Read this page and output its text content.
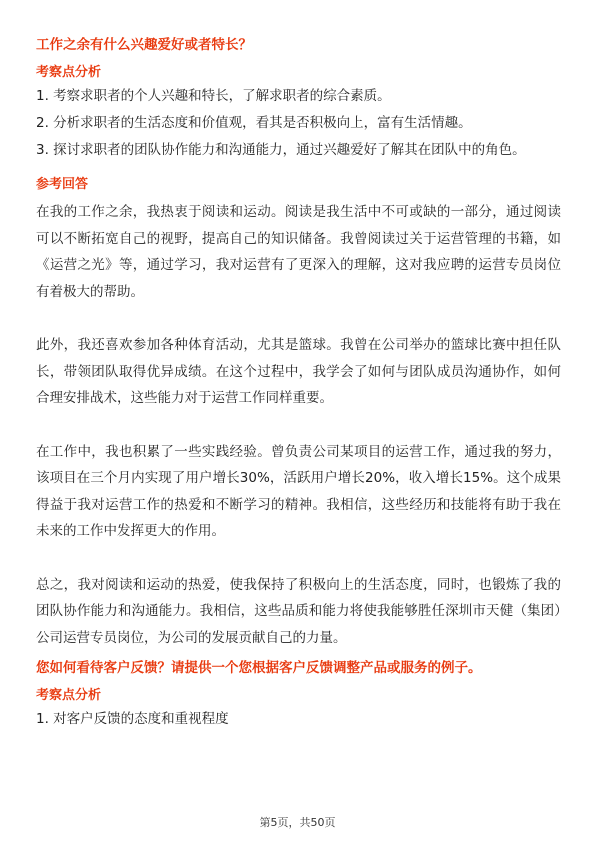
工作之余有什么兴趣爱好或者特长？
考察点分析
1. 考察求职者的个人兴趣和特长，了解求职者的综合素质。
2. 分析求职者的生活态度和价值观，看其是否积极向上，富有生活情趣。
3. 探讨求职者的团队协作能力和沟通能力，通过兴趣爱好了解其在团队中的角色。
参考回答

在我的工作之余，我热衷于阅读和运动。阅读是我生活中不可或缺的一部分，通过阅读可以不断拓宽自己的视野，提高自己的知识储备。我曾阅读过关于运营管理的书籍，如《运营之光》等，通过学习，我对运营有了更深入的理解，这对我应聘的运营专员岗位有着极大的帮助。

此外，我还喜欢参加各种体育活动，尤其是篮球。我曾在公司举办的篮球比赛中担任队长，带领团队取得优异成绩。在这个过程中，我学会了如何与团队成员沟通协作，如何合理安排战术，这些能力对于运营工作同样重要。

在工作中，我也积累了一些实践经验。曾负责公司某项目的运营工作，通过我的努力，该项目在三个月内实现了用户增长30%，活跃用户增长20%，收入增长15%。这个成果得益于我对运营工作的热爱和不断学习的精神。我相信，这些经历和技能将有助于我在未来的工作中发挥更大的作用。

总之，我对阅读和运动的热爱，使我保持了积极向上的生活态度，同时，也锻炼了我的团队协作能力和沟通能力。我相信，这些品质和能力将使我能够胜任深圳市天健（集团）公司运营专员岗位，为公司的发展贡献自己的力量。

您如何看待客户反馈？请提供一个您根据客户反馈调整产品或服务的例子。
考察点分析
1. 对客户反馈的态度和重视程度
第5页，共50页
